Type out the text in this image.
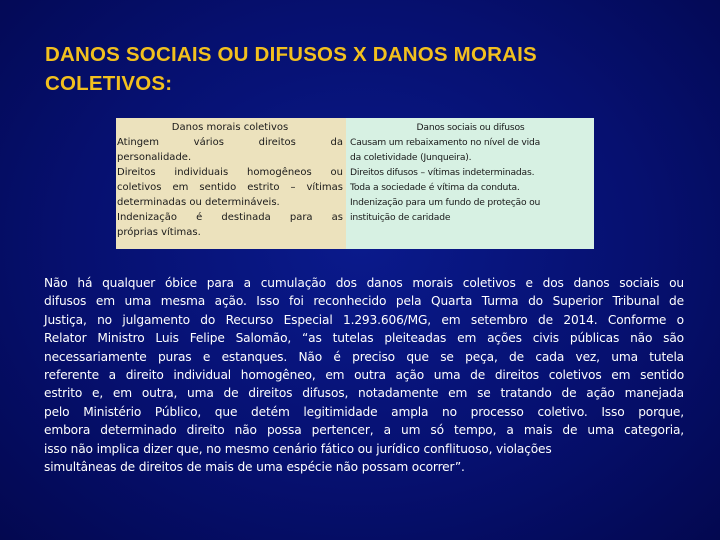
DANOS SOCIAIS OU DIFUSOS X DANOS MORAIS
COLETIVOS:
Danos morais coletivos
Atingem vários direitos da
personalidade.
Direitos individuais homogêneos ou
coletivos em sentido estrito – vítimas
determinadas ou determináveis.
Indenização é destinada para as
próprias vítimas.
Danos sociais ou difusos
Causam um rebaixamento no nível de vida
da coletividade (Junqueira).
Direitos difusos – vítimas indeterminadas.
Toda a sociedade é vítima da conduta.
Indenização para um fundo de proteção ou
instituição de caridade
Não há qualquer óbice para a cumulação dos danos morais coletivos e dos danos sociais ou
difusos em uma mesma ação. Isso foi reconhecido pela Quarta Turma do Superior Tribunal de
Justiça, no julgamento do Recurso Especial 1.293.606/MG, em setembro de 2014. Conforme o
Relator Ministro Luis Felipe Salomão, “as tutelas pleiteadas em ações civis públicas não são
necessariamente puras e estanques. Não é preciso que se peça, de cada vez, uma tutela
referente a direito individual homogêneo, em outra ação uma de direitos coletivos em sentido
estrito e, em outra, uma de direitos difusos, notadamente em se tratando de ação manejada
pelo Ministério Público, que detém legitimidade ampla no processo coletivo. Isso porque,
embora determinado direito não possa pertencer, a um só tempo, a mais de uma categoria,
isso não implica dizer que, no mesmo cenário fático ou jurídico conflituoso, violações
simultâneas de direitos de mais de uma espécie não possam ocorrer”.
